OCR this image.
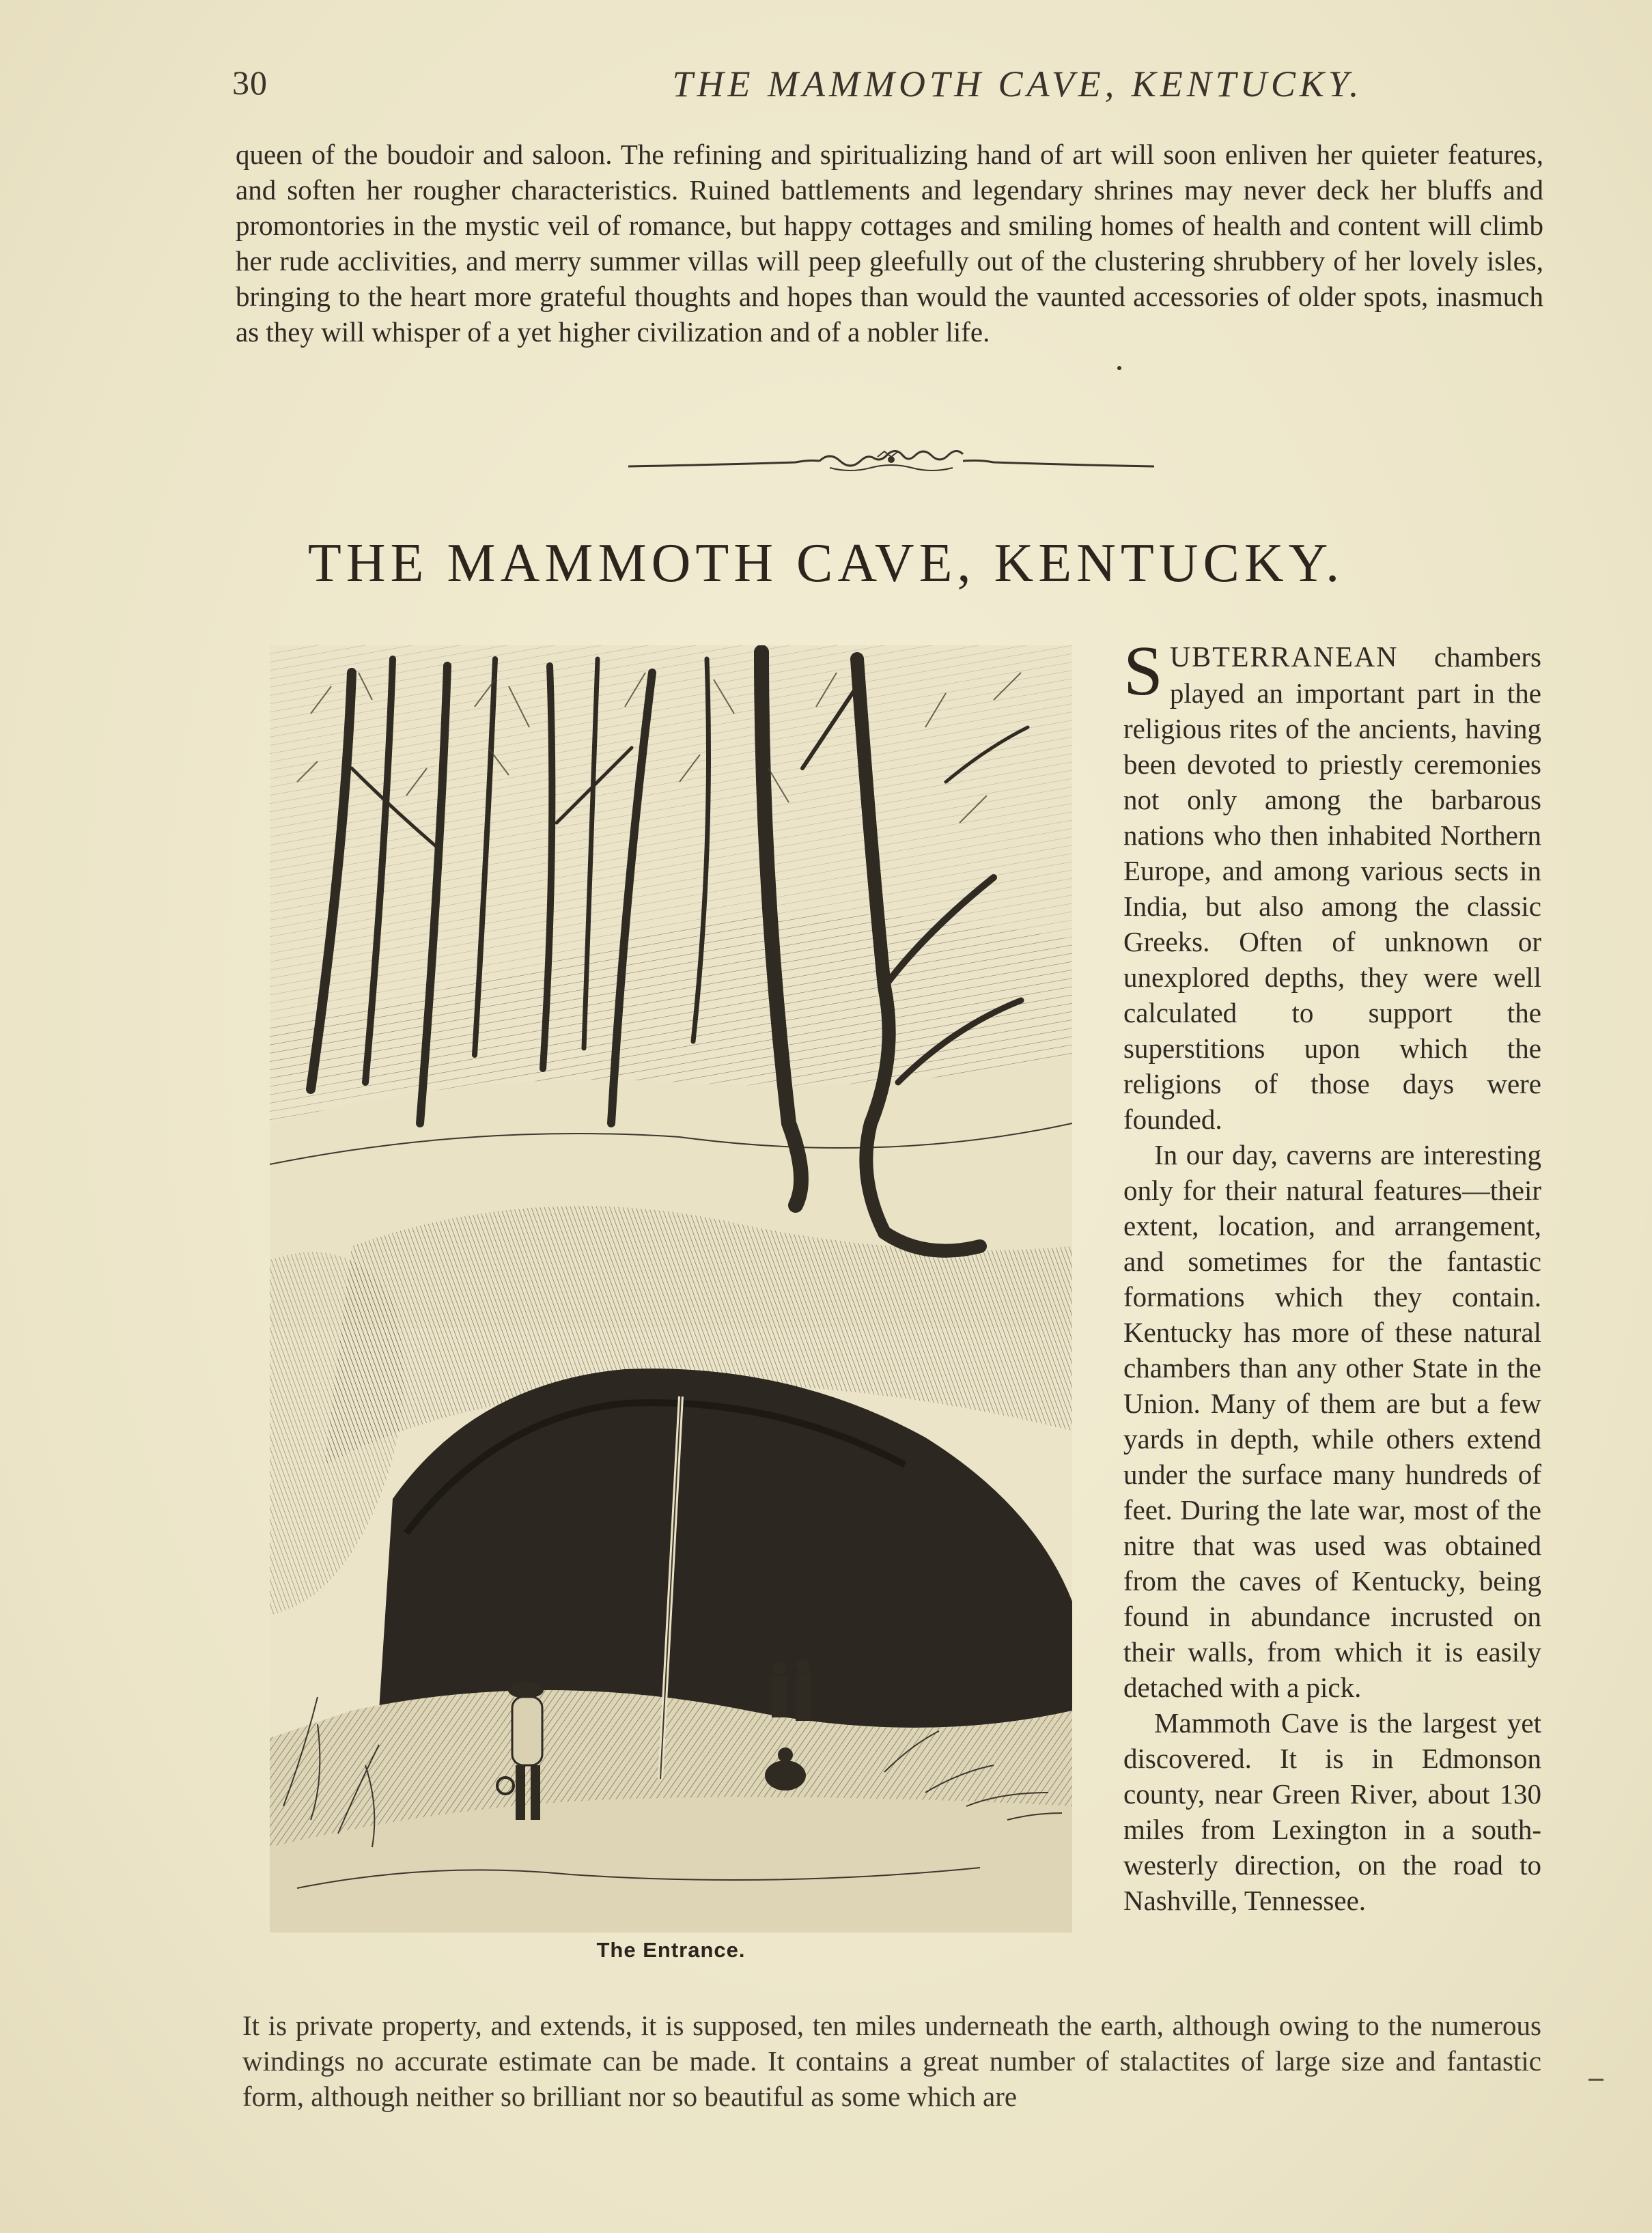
30	THE MAMMOTH CAVE, KENTUCKY.

queen of the boudoir and saloon. The refining and spiritualizing hand of art will soon enliven her quieter features, and soften her rougher characteristics. Ruined battlements and legendary shrines may never deck her bluffs and promontories in the mystic veil of romance, but happy cottages and smiling homes of health and content will climb her rude acclivities, and merry summer villas will peep gleefully out of the clustering shrubbery of her lovely isles, bringing to the heart more grateful thoughts and hopes than would the vaunted accessories of older spots, inasmuch as they will whisper of a yet higher civilization and of a nobler life.

THE MAMMOTH CAVE, KENTUCKY.
The Entrance.

SUBTERRANEAN chambers played an important part in the religious rites of the ancients, having been devoted to priestly ceremonies not only among the barbarous nations who then inhabited Northern Europe, and among various sects in India, but also among the classic Greeks. Often of unknown or unexplored depths, they were well calculated to support the superstitions upon which the religions of those days were founded.

In our day, caverns are interesting only for their natural features—their extent, location, and arrangement, and sometimes for the fantastic formations which they contain. Kentucky has more of these natural chambers than any other State in the Union. Many of them are but a few yards in depth, while others extend under the surface many hundreds of feet. During the late war, most of the nitre that was used was obtained from the caves of Kentucky, being found in abundance incrusted on their walls, from which it is easily detached with a pick.

Mammoth Cave is the largest yet discovered. It is in Edmonson county, near Green River, about 130 miles from Lexington in a south-westerly direction, on the road to Nashville, Tennessee.

It is private property, and extends, it is supposed, ten miles underneath the earth, although owing to the numerous windings no accurate estimate can be made. It contains a great number of stalactites of large size and fantastic form, although neither so brilliant nor so beautiful as some which are
